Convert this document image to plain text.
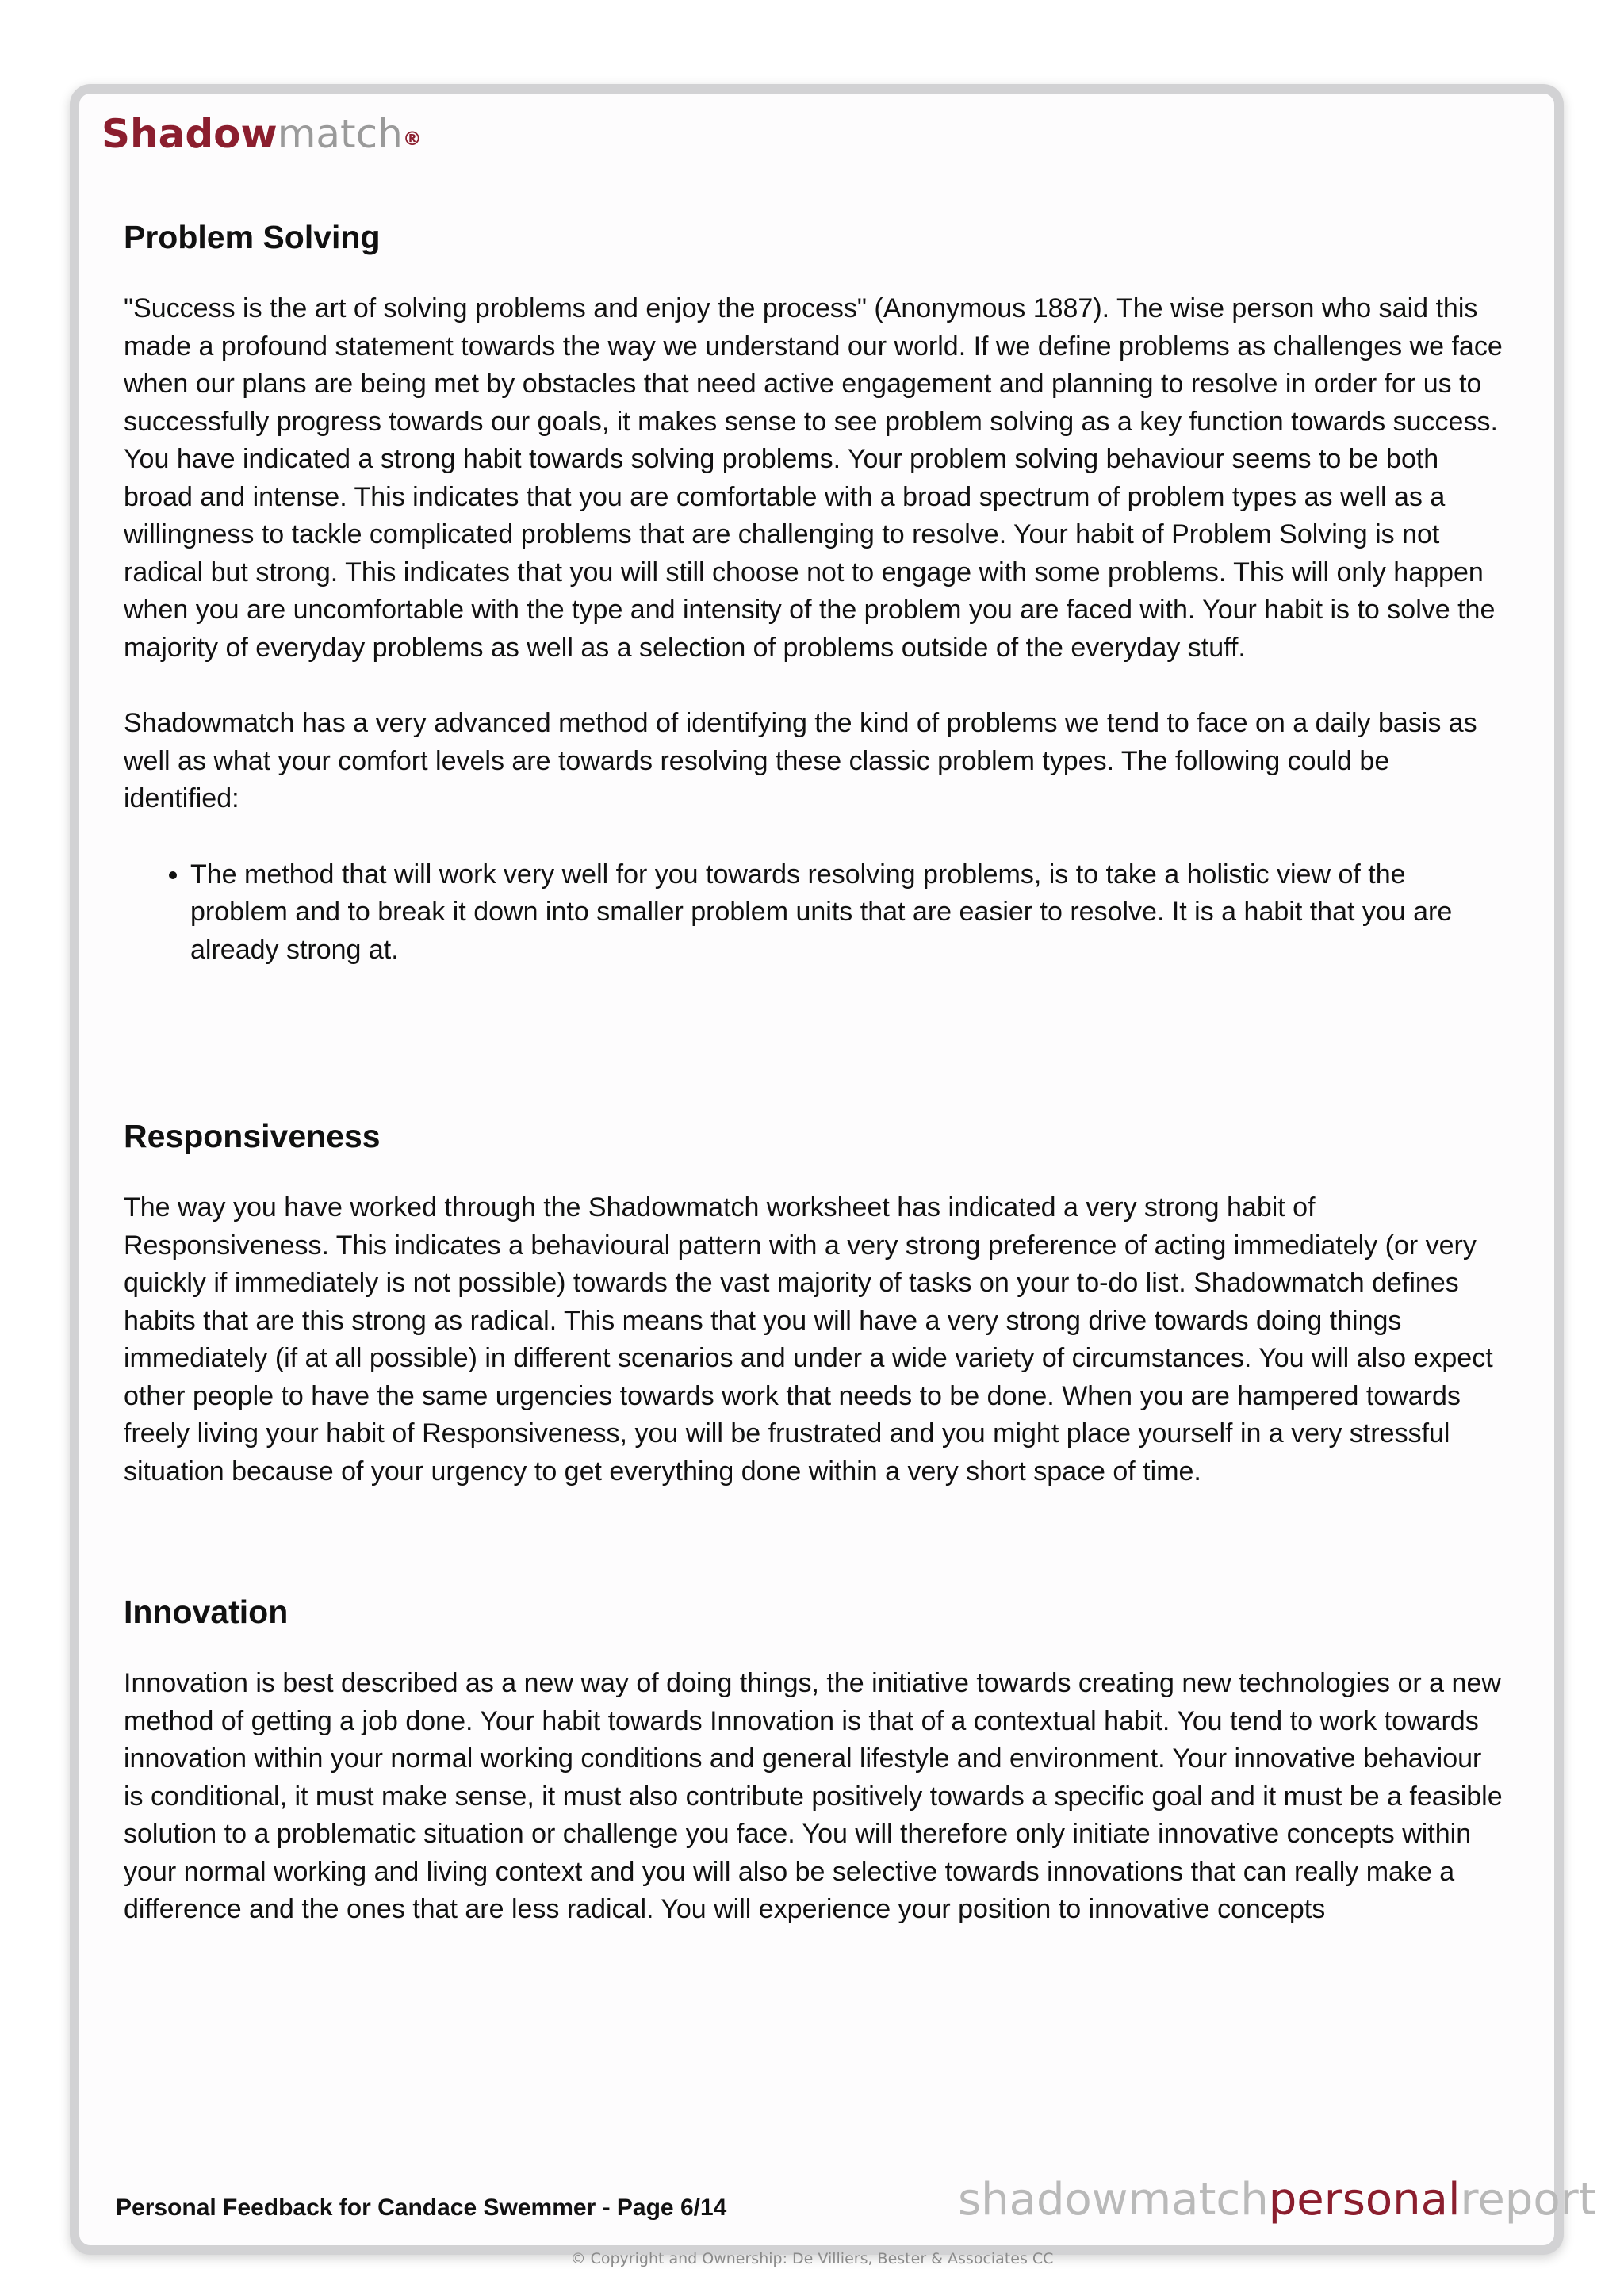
Shadowmatch®
Problem Solving

"Success is the art of solving problems and enjoy the process" (Anonymous 1887). The wise person who said this made a profound statement towards the way we understand our world. If we define problems as challenges we face when our plans are being met by obstacles that need active engagement and planning to resolve in order for us to successfully progress towards our goals, it makes sense to see problem solving as a key function towards success. You have indicated a strong habit towards solving problems. Your problem solving behaviour seems to be both broad and intense. This indicates that you are comfortable with a broad spectrum of problem types as well as a willingness to tackle complicated problems that are challenging to resolve. Your habit of Problem Solving is not radical but strong. This indicates that you will still choose not to engage with some problems. This will only happen when you are uncomfortable with the type and intensity of the problem you are faced with. Your habit is to solve the majority of everyday problems as well as a selection of problems outside of the everyday stuff.

Shadowmatch has a very advanced method of identifying the kind of problems we tend to face on a daily basis as well as what your comfort levels are towards resolving these classic problem types. The following could be identified:

• The method that will work very well for you towards resolving problems, is to take a holistic view of the problem and to break it down into smaller problem units that are easier to resolve. It is a habit that you are already strong at.
Responsiveness

The way you have worked through the Shadowmatch worksheet has indicated a very strong habit of Responsiveness. This indicates a behavioural pattern with a very strong preference of acting immediately (or very quickly if immediately is not possible) towards the vast majority of tasks on your to-do list. Shadowmatch defines habits that are this strong as radical. This means that you will have a very strong drive towards doing things immediately (if at all possible) in different scenarios and under a wide variety of circumstances. You will also expect other people to have the same urgencies towards work that needs to be done. When you are hampered towards freely living your habit of Responsiveness, you will be frustrated and you might place yourself in a very stressful situation because of your urgency to get everything done within a very short space of time.

Innovation

Innovation is best described as a new way of doing things, the initiative towards creating new technologies or a new method of getting a job done. Your habit towards Innovation is that of a contextual habit. You tend to work towards innovation within your normal working conditions and general lifestyle and environment. Your innovative behaviour is conditional, it must make sense, it must also contribute positively towards a specific goal and it must be a feasible solution to a problematic situation or challenge you face. You will therefore only initiate innovative concepts within your normal working and living context and you will also be selective towards innovations that can really make a difference and the ones that are less radical. You will experience your position to innovative concepts

Personal Feedback for Candace Swemmer - Page 6/14	shadowmatchpersonalreport
© Copyright and Ownership: De Villiers, Bester & Associates CC
